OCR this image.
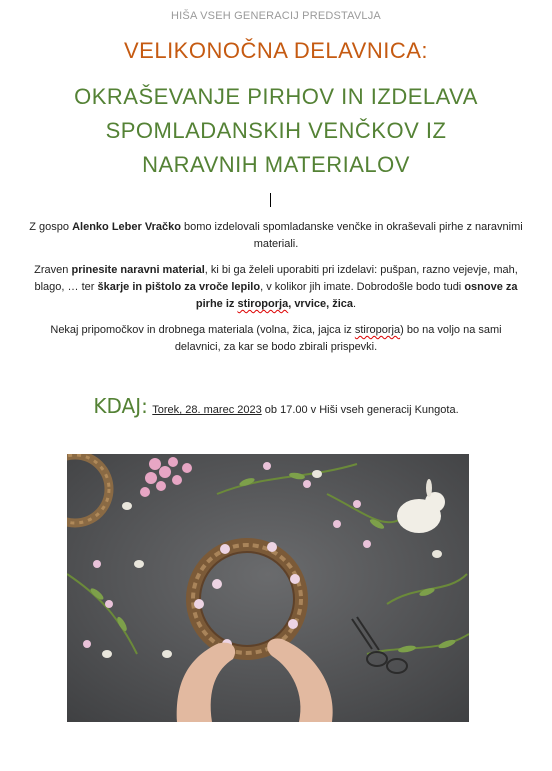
HIŠA VSEH GENERACIJ PREDSTAVLJA
VELIKONOČNA DELAVNICA:
OKRAŠEVANJE PIRHOV IN IZDELAVA
SPOMLADANSKIH VENČKOV IZ
NARAVNIH MATERIALOV
Z gospo Alenko Leber Vračko bomo izdelovali spomladanske venčke in okraševali pirhe z naravnimi materiali.
Zraven prinesite naravni material, ki bi ga želeli uporabiti pri izdelavi: pušpan, razno vejevje, mah, blago, … ter škarje in pištolo za vroče lepilo, v kolikor jih imate. Dobrodošle bodo tudi osnove za pirhe iz stiroporja, vrvice, žica.
Nekaj pripomočkov in drobnega materiala (volna, žica, jajca iz stiroporja) bo na voljo na sami delavnici, za kar se bodo zbirali prispevki.
KDAJ: Torek, 28. marec 2023 ob 17.00 v Hiši vseh generacij Kungota.
